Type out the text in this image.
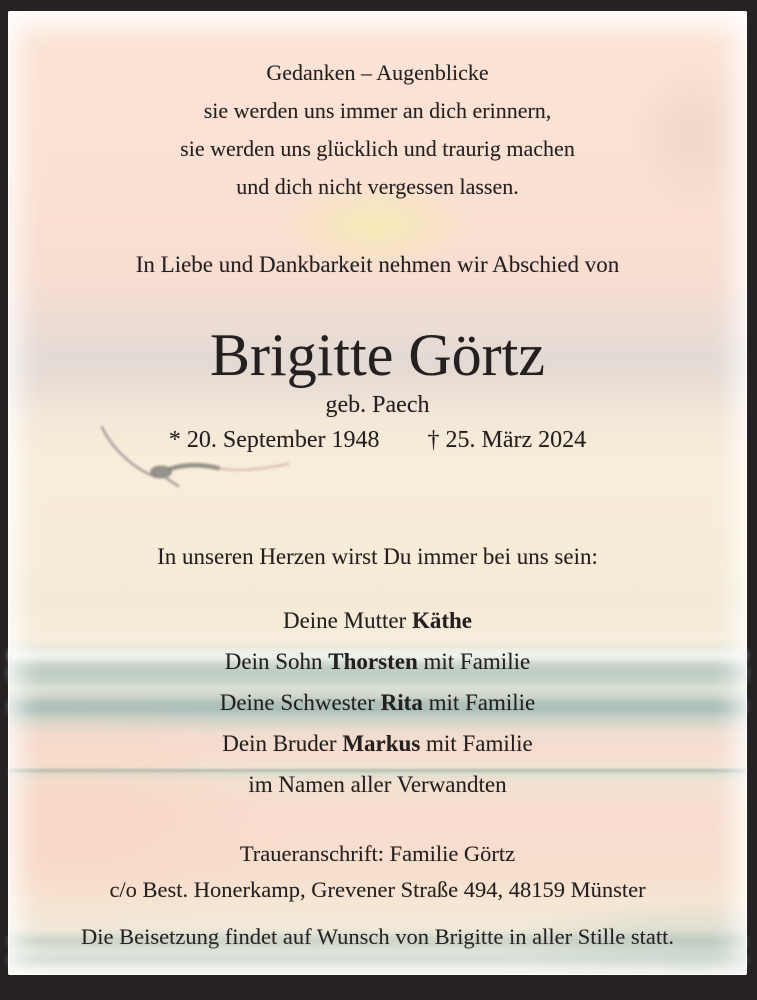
Gedanken – Augenblicke
sie werden uns immer an dich erinnern,
sie werden uns glücklich und traurig machen
und dich nicht vergessen lassen.
In Liebe und Dankbarkeit nehmen wir Abschied von
Brigitte Görtz
geb. Paech
* 20. September 1948 † 25. März 2024
In unseren Herzen wirst Du immer bei uns sein:
Deine Mutter Käthe
Dein Sohn Thorsten mit Familie
Deine Schwester Rita mit Familie
Dein Bruder Markus mit Familie
im Namen aller Verwandten
Traueranschrift: Familie Görtz
c/o Best. Honerkamp, Grevener Straße 494, 48159 Münster
Die Beisetzung findet auf Wunsch von Brigitte in aller Stille statt.
